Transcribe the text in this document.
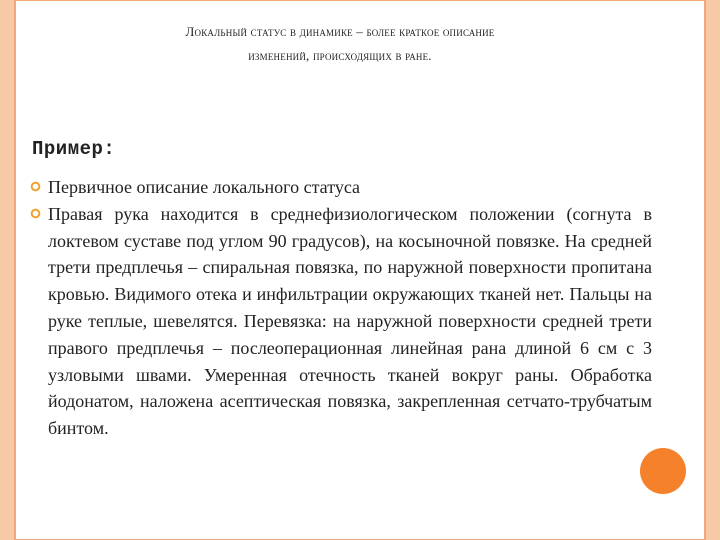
Локальный статус в динамике – более краткое описание
изменений, происходящих в ране.
Пример:
Первичное описание локального статуса
Правая рука находится в среднефизиологическом положении (согнута в локтевом суставе под углом 90 градусов), на косыночной повязке. На средней трети предплечья – спиральная повязка, по наружной поверхности пропитана кровью. Видимого отека и инфильтрации окружающих тканей нет. Пальцы на руке теплые, шевелятся. Перевязка: на наружной поверхности средней трети правого предплечья – послеоперационная линейная рана длиной 6 см с 3 узловыми швами. Умеренная отечность тканей вокруг раны. Обработка йодонатом, наложена асептическая повязка, закрепленная сетчато-трубчатым бинтом.
